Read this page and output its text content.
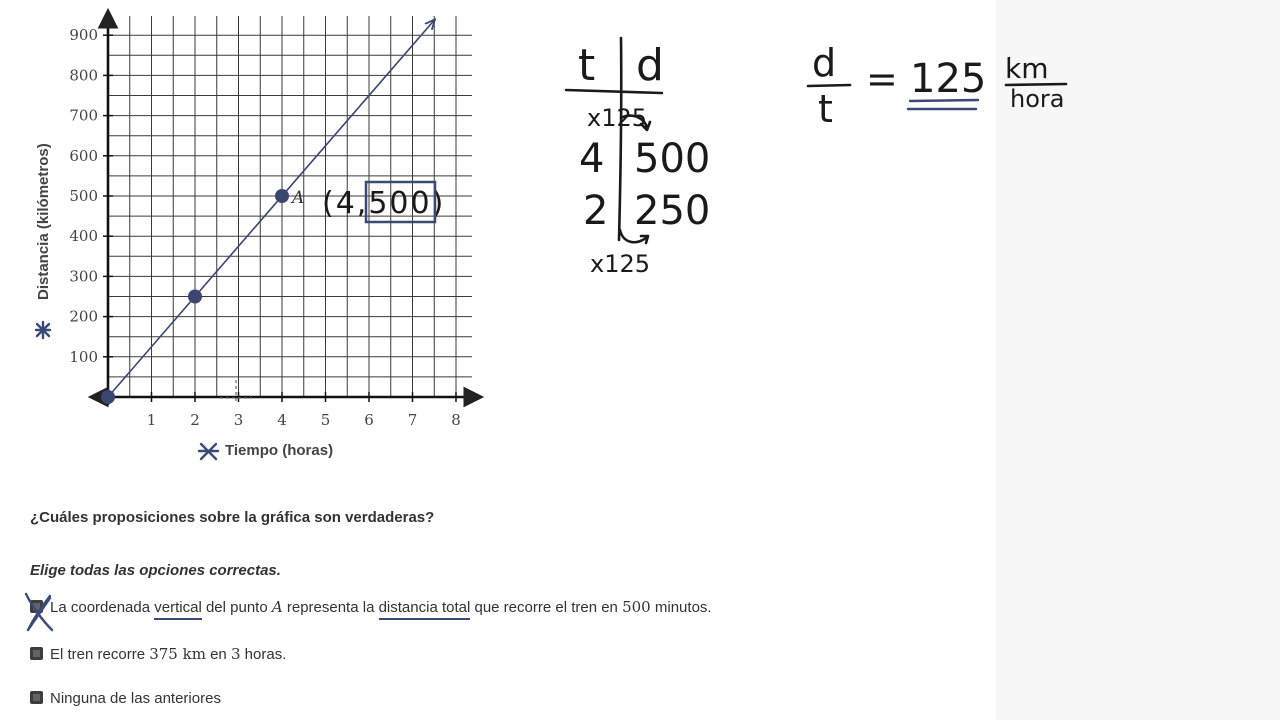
1 2 3 4 5 6 7 8
100
200
300
400
500
600
700
800
900
A
Tiempo (horas)
Distancia (kilómetros)	(4,500)
t d
x125
4 500
2 250
x125
d
t
= 125 km
hora
¿Cuáles proposiciones sobre la gráfica son verdaderas?
Elige todas las opciones correctas.
La coordenada vertical del punto A representa la distancia total que recorre el tren en 500 minutos.
El tren recorre 375 km en 3 horas.
Ninguna de las anteriores
